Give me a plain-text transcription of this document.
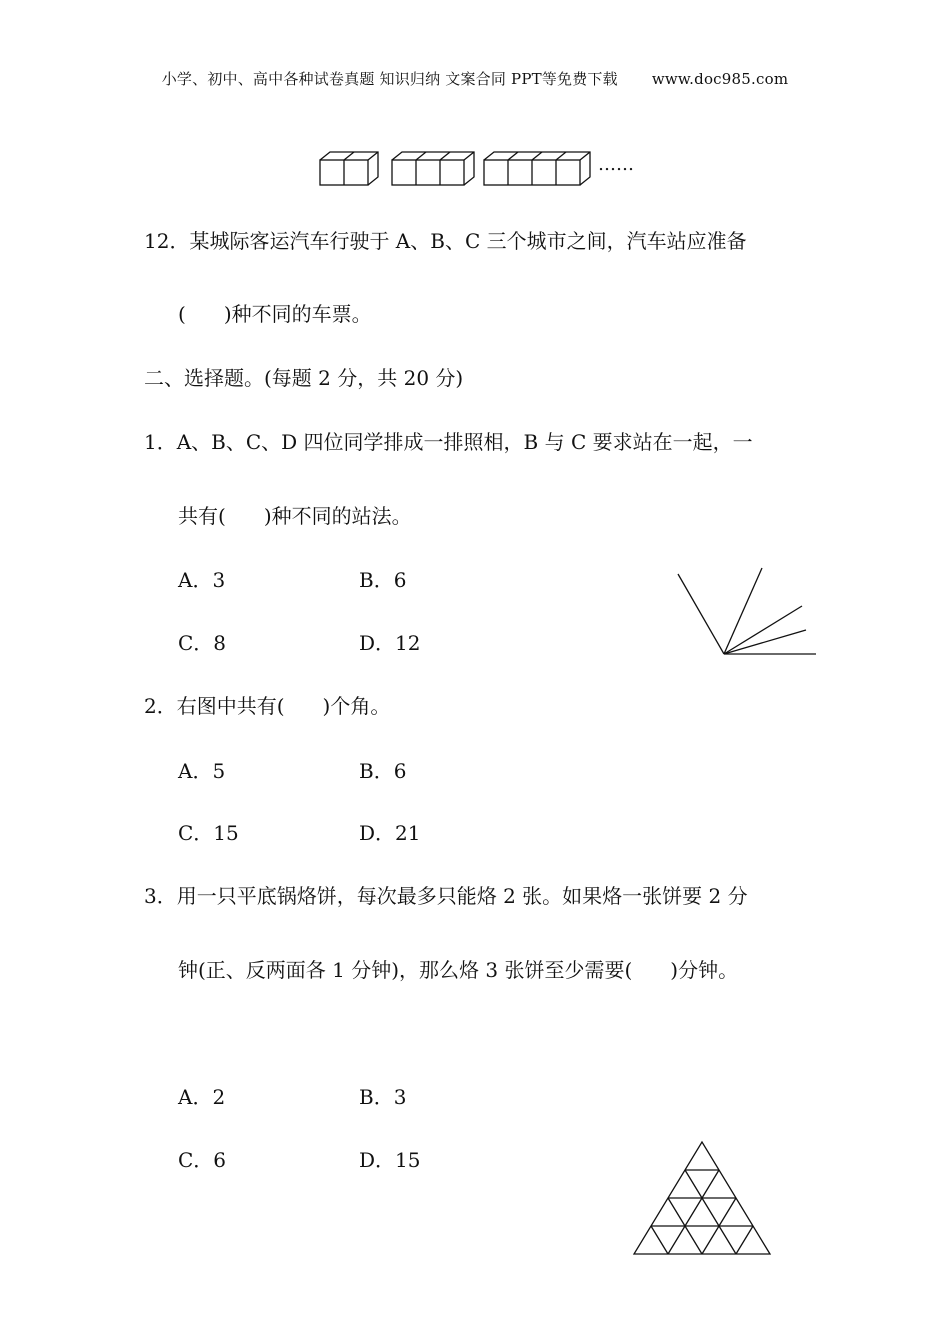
小学、初中、高中各种试卷真题 知识归纳 文案合同 PPT等免费下载 www.doc985.com
……
12．某城际客运汽车行驶于 A、B、C 三个城市之间，汽车站应准备
( )种不同的车票。
二、选择题。(每题 2 分，共 20 分)
1．A、B、C、D 四位同学排成一排照相，B 与 C 要求站在一起，一
共有( )种不同的站法。
A．3	B．6
C．8	D．12
2．右图中共有( )个角。
A．5	B．6
C．15	D．21
3．用一只平底锅烙饼，每次最多只能烙 2 张。如果烙一张饼要 2 分
钟(正、反两面各 1 分钟)，那么烙 3 张饼至少需要( )分钟。
A．2	B．3
C．6	D．15
